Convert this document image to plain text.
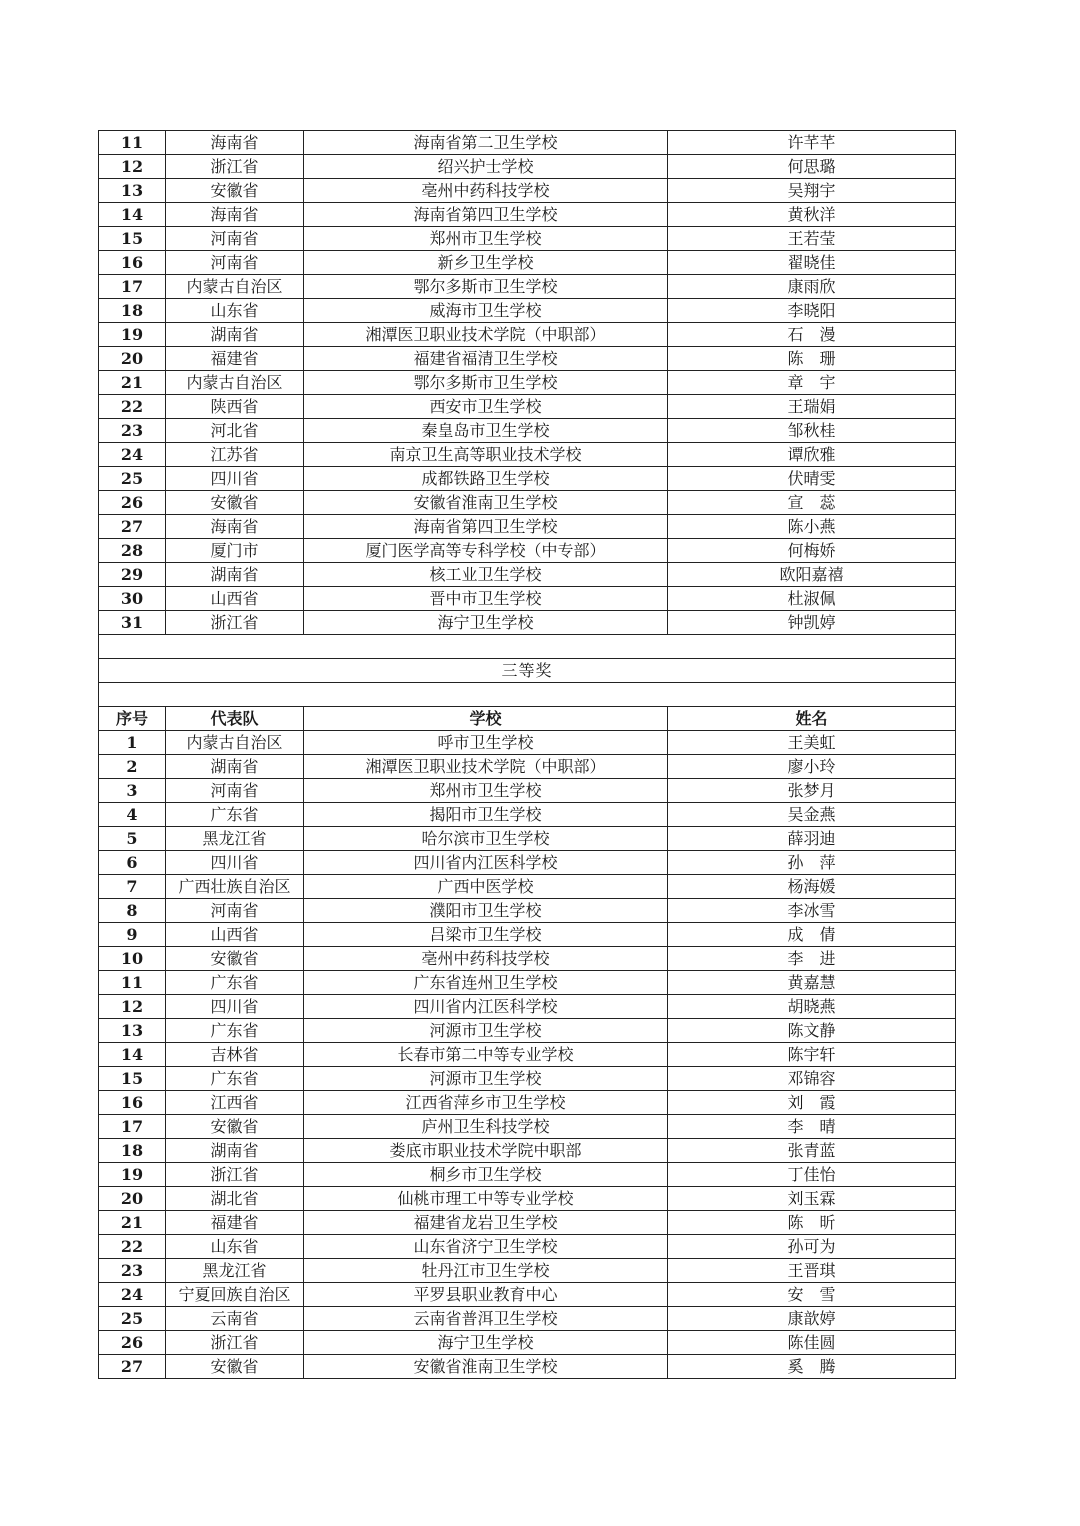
11	海南省	海南省第二卫生学校	许芊芊
12	浙江省	绍兴护士学校	何思璐
13	安徽省	亳州中药科技学校	吴翔宇
14	海南省	海南省第四卫生学校	黄秋洋
15	河南省	郑州市卫生学校	王若莹
16	河南省	新乡卫生学校	翟晓佳
17	内蒙古自治区	鄂尔多斯市卫生学校	康雨欣
18	山东省	威海市卫生学校	李晓阳
19	湖南省	湘潭医卫职业技术学院（中职部）	石　漫
20	福建省	福建省福清卫生学校	陈　珊
21	内蒙古自治区	鄂尔多斯市卫生学校	章　宇
22	陕西省	西安市卫生学校	王瑞娟
23	河北省	秦皇岛市卫生学校	邹秋桂
24	江苏省	南京卫生高等职业技术学校	谭欣雅
25	四川省	成都铁路卫生学校	伏晴雯
26	安徽省	安徽省淮南卫生学校	宣　蕊
27	海南省	海南省第四卫生学校	陈小燕
28	厦门市	厦门医学高等专科学校（中专部）	何梅娇
29	湖南省	核工业卫生学校	欧阳嘉禧
30	山西省	晋中市卫生学校	杜淑佩
31	浙江省	海宁卫生学校	钟凯婷

三等奖			

序号	代表队	学校	姓名
1	内蒙古自治区	呼市卫生学校	王美虹
2	湖南省	湘潭医卫职业技术学院（中职部）	廖小玲
3	河南省	郑州市卫生学校	张梦月
4	广东省	揭阳市卫生学校	吴金燕
5	黑龙江省	哈尔滨市卫生学校	薛羽迪
6	四川省	四川省内江医科学校	孙　萍
7	广西壮族自治区	广西中医学校	杨海媛
8	河南省	濮阳市卫生学校	李冰雪
9	山西省	吕梁市卫生学校	成　倩
10	安徽省	亳州中药科技学校	李　进
11	广东省	广东省连州卫生学校	黄嘉慧
12	四川省	四川省内江医科学校	胡晓燕
13	广东省	河源市卫生学校	陈文静
14	吉林省	长春市第二中等专业学校	陈宇轩
15	广东省	河源市卫生学校	邓锦容
16	江西省	江西省萍乡市卫生学校	刘　霞
17	安徽省	庐州卫生科技学校	李　晴
18	湖南省	娄底市职业技术学院中职部	张青蓝
19	浙江省	桐乡市卫生学校	丁佳怡
20	湖北省	仙桃市理工中等专业学校	刘玉霖
21	福建省	福建省龙岩卫生学校	陈　昕
22	山东省	山东省济宁卫生学校	孙可为
23	黑龙江省	牡丹江市卫生学校	王晋琪
24	宁夏回族自治区	平罗县职业教育中心	安　雪
25	云南省	云南省普洱卫生学校	康歆婷
26	浙江省	海宁卫生学校	陈佳圆
27	安徽省	安徽省淮南卫生学校	奚　腾
